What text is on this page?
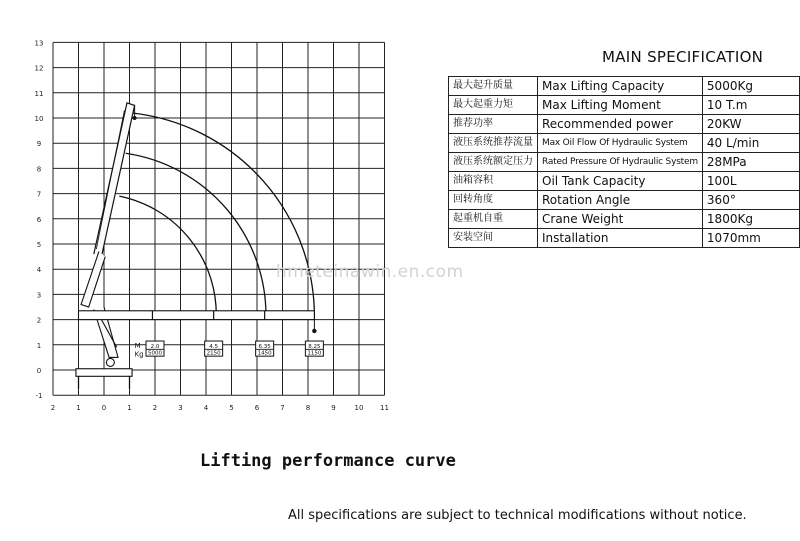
2	1	0	1	2	3	4	5	6	7	8	9	10 11
13
12
11
10
9
8
7
6
5
4
3
2
1
0
-1
M
Kg
2.0
5000
4.5
2150
6.35
1450
8.25
1150
hmeteinawin.en.com
MAIN SPECIFICATION
最大起升质量	Max Lifting Capacity	5000Kg
最大起重力矩	Max Lifting Moment	10 T.m
推荐功率	Recommended power	20KW
液压系统推荐流量	Max Oil Flow Of Hydraulic System	40 L/min
液压系统额定压力	Rated Pressure Of Hydraulic System	28MPa
油箱容积	Oil Tank Capacity	100L
回转角度	Rotation Angle	360°
起重机自重	Crane Weight	1800Kg
安装空间	Installation	1070mm
Lifting performance curve
All specifications are subject to technical modifications without notice.
